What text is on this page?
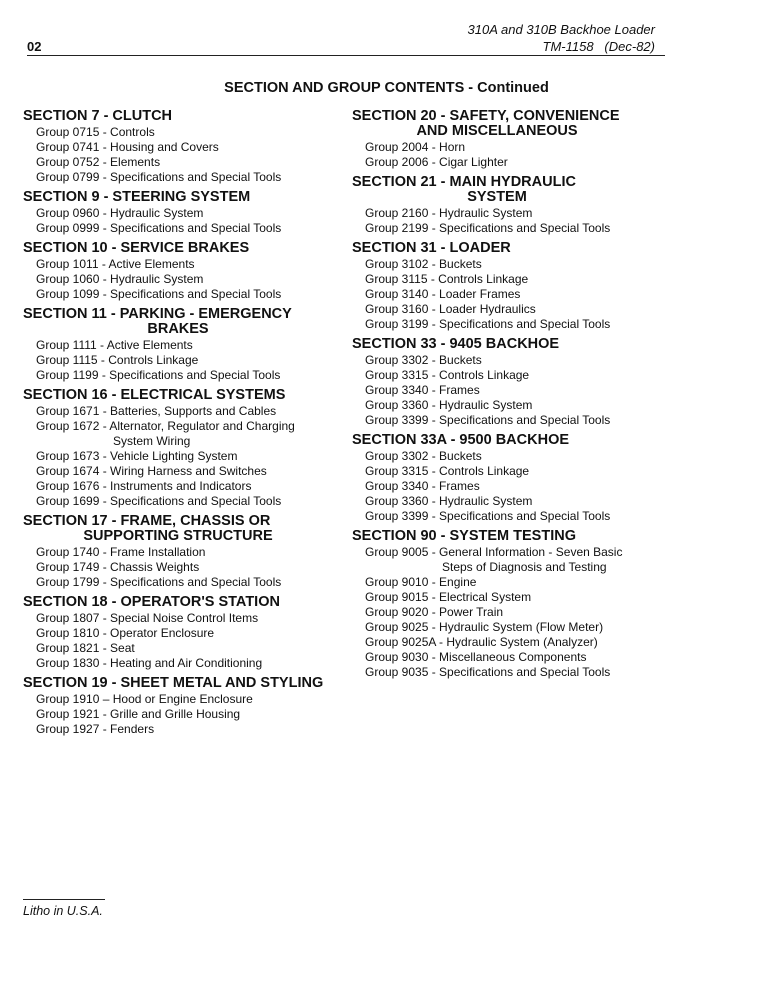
02
310A and 310B Backhoe Loader
TM-1158   (Dec-82)
SECTION AND GROUP CONTENTS - Continued
SECTION 7 - CLUTCH
Group 0715 - Controls
Group 0741 - Housing and Covers
Group 0752 - Elements
Group 0799 - Specifications and Special Tools
SECTION 9 - STEERING SYSTEM
Group 0960 - Hydraulic System
Group 0999 - Specifications and Special Tools
SECTION 10 - SERVICE BRAKES
Group 1011 - Active Elements
Group 1060 - Hydraulic System
Group 1099 - Specifications and Special Tools
SECTION 11 - PARKING - EMERGENCY
BRAKES
Group 1111 - Active Elements
Group 1115 - Controls Linkage
Group 1199 - Specifications and Special Tools
SECTION 16 - ELECTRICAL SYSTEMS
Group 1671 - Batteries, Supports and Cables
Group 1672 - Alternator, Regulator and Charging
System Wiring
Group 1673 - Vehicle Lighting System
Group 1674 - Wiring Harness and Switches
Group 1676 - Instruments and Indicators
Group 1699 - Specifications and Special Tools
SECTION 17 - FRAME, CHASSIS OR
SUPPORTING STRUCTURE
Group 1740 - Frame Installation
Group 1749 - Chassis Weights
Group 1799 - Specifications and Special Tools
SECTION 18 - OPERATOR'S STATION
Group 1807 - Special Noise Control Items
Group 1810 - Operator Enclosure
Group 1821 - Seat
Group 1830 - Heating and Air Conditioning
SECTION 19 - SHEET METAL AND STYLING
Group 1910 – Hood or Engine Enclosure
Group 1921 - Grille and Grille Housing
Group 1927 - Fenders
SECTION 20 - SAFETY, CONVENIENCE
AND MISCELLANEOUS
Group 2004 - Horn
Group 2006 - Cigar Lighter
SECTION 21 - MAIN HYDRAULIC
SYSTEM
Group 2160 - Hydraulic System
Group 2199 - Specifications and Special Tools
SECTION 31 - LOADER
Group 3102 - Buckets
Group 3115 - Controls Linkage
Group 3140 - Loader Frames
Group 3160 - Loader Hydraulics
Group 3199 - Specifications and Special Tools
SECTION 33 - 9405 BACKHOE
Group 3302 - Buckets
Group 3315 - Controls Linkage
Group 3340 - Frames
Group 3360 - Hydraulic System
Group 3399 - Specifications and Special Tools
SECTION 33A - 9500 BACKHOE
Group 3302 - Buckets
Group 3315 - Controls Linkage
Group 3340 - Frames
Group 3360 - Hydraulic System
Group 3399 - Specifications and Special Tools
SECTION 90 - SYSTEM TESTING
Group 9005 - General Information - Seven Basic
Steps of Diagnosis and Testing
Group 9010 - Engine
Group 9015 - Electrical System
Group 9020 - Power Train
Group 9025 - Hydraulic System (Flow Meter)
Group 9025A - Hydraulic System (Analyzer)
Group 9030 - Miscellaneous Components
Group 9035 - Specifications and Special Tools
Litho in U.S.A.
